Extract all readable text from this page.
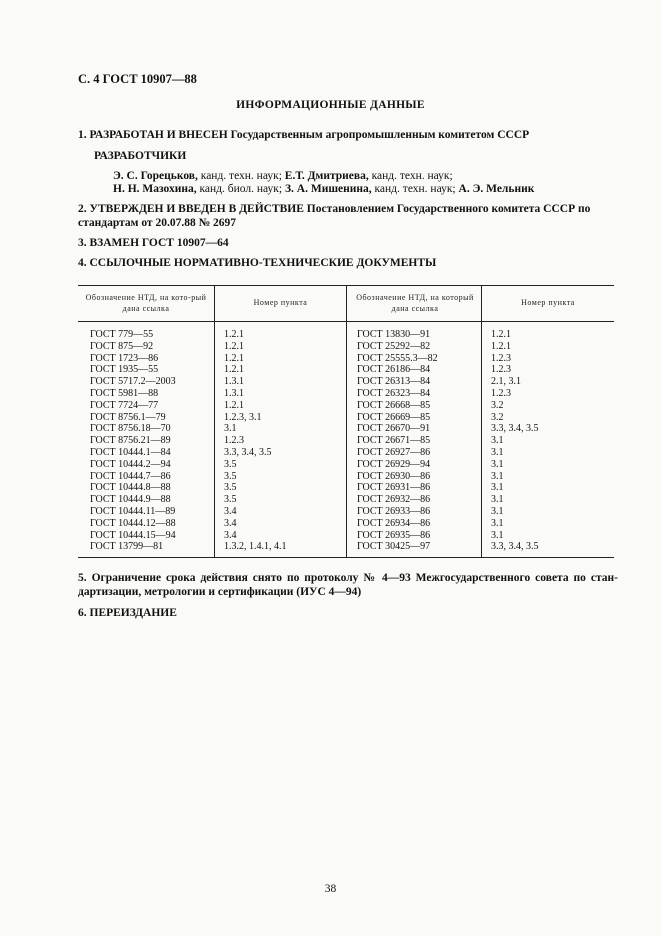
С. 4 ГОСТ 10907—88
ИНФОРМАЦИОННЫЕ ДАННЫЕ
1. РАЗРАБОТАН И ВНЕСЕН Государственным агропромышленным комитетом СССР
РАЗРАБОТЧИКИ
Э. С. Горецьков, канд. техн. наук; Е.Т. Дмитриева, канд. техн. наук;
Н. Н. Мазохина, канд. биол. наук; З. А. Мишенина, канд. техн. наук; А. Э. Мельник
2. УТВЕРЖДЕН И ВВЕДЕН В ДЕЙСТВИЕ Постановлением Государственного комитета СССР по стандартам от 20.07.88 № 2697
3. ВЗАМЕН ГОСТ 10907—64
4. ССЫЛОЧНЫЕ НОРМАТИВНО-ТЕХНИЧЕСКИЕ ДОКУМЕНТЫ
Обозначение НТД, на кото-рый дана ссылка
Номер пункта
Обозначение НТД, на который дана ссылка
Номер пункта
ГОСТ 779—55
ГОСТ 875—92
ГОСТ 1723—86
ГОСТ 1935—55
ГОСТ 5717.2—2003
ГОСТ 5981—88
ГОСТ 7724—77
ГОСТ 8756.1—79
ГОСТ 8756.18—70
ГОСТ 8756.21—89
ГОСТ 10444.1—84
ГОСТ 10444.2—94
ГОСТ 10444.7—86
ГОСТ 10444.8—88
ГОСТ 10444.9—88
ГОСТ 10444.11—89
ГОСТ 10444.12—88
ГОСТ 10444.15—94
ГОСТ 13799—81
1.2.1
1.2.1
1.2.1
1.2.1
1.3.1
1.3.1
1.2.1
1.2.3, 3.1
3.1
1.2.3
3.3, 3.4, 3.5
3.5
3.5
3.5
3.5
3.4
3.4
3.4
1.3.2, 1.4.1, 4.1
ГОСТ 13830—91
ГОСТ 25292—82
ГОСТ 25555.3—82
ГОСТ 26186—84
ГОСТ 26313—84
ГОСТ 26323—84
ГОСТ 26668—85
ГОСТ 26669—85
ГОСТ 26670—91
ГОСТ 26671—85
ГОСТ 26927—86
ГОСТ 26929—94
ГОСТ 26930—86
ГОСТ 26931—86
ГОСТ 26932—86
ГОСТ 26933—86
ГОСТ 26934—86
ГОСТ 26935—86
ГОСТ 30425—97
1.2.1
1.2.1
1.2.3
1.2.3
2.1, 3.1
1.2.3
3.2
3.2
3.3, 3.4, 3.5
3.1
3.1
3.1
3.1
3.1
3.1
3.1
3.1
3.1
3.3, 3.4, 3.5
5. Ограничение срока действия снято по протоколу № 4—93 Межгосударственного совета по стан-дартизации, метрологии и сертификации (ИУС 4—94)
6. ПЕРЕИЗДАНИЕ
38
